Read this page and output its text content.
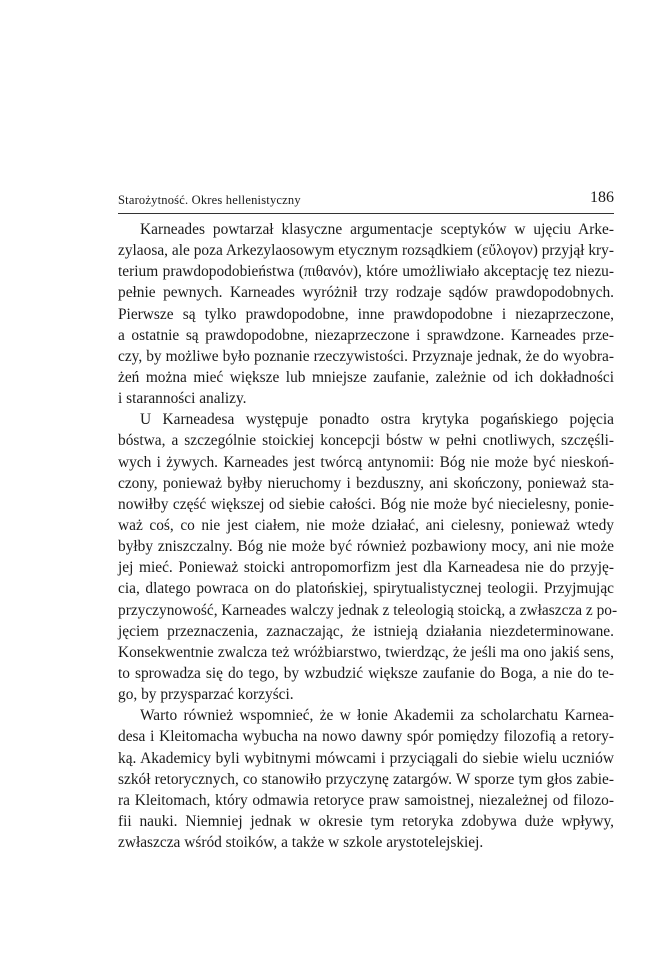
Starożytność. Okres hellenistyczny	186
Karneades powtarzał klasyczne argumentacje sceptyków w ujęciu Arke-
zylaosa, ale poza Arkezylaosowym etycznym rozsądkiem (εὔλογον) przyjął kry-
terium prawdopodobieństwa (πιθανόν), które umożliwiało akceptację tez niezu-
pełnie pewnych. Karneades wyróżnił trzy rodzaje sądów prawdopodobnych.
Pierwsze są tylko prawdopodobne, inne prawdopodobne i niezaprzeczone,
a ostatnie są prawdopodobne, niezaprzeczone i sprawdzone. Karneades prze-
czy, by możliwe było poznanie rzeczywistości. Przyznaje jednak, że do wyobra-
żeń można mieć większe lub mniejsze zaufanie, zależnie od ich dokładności
i staranności analizy.
U Karneadesa występuje ponadto ostra krytyka pogańskiego pojęcia
bóstwa, a szczególnie stoickiej koncepcji bóstw w pełni cnotliwych, szczęśli-
wych i żywych. Karneades jest twórcą antynomii: Bóg nie może być nieskoń-
czony, ponieważ byłby nieruchomy i bezduszny, ani skończony, ponieważ sta-
nowiłby część większej od siebie całości. Bóg nie może być niecielesny, ponie-
waż coś, co nie jest ciałem, nie może działać, ani cielesny, ponieważ wtedy
byłby zniszczalny. Bóg nie może być również pozbawiony mocy, ani nie może
jej mieć. Ponieważ stoicki antropomorfizm jest dla Karneadesa nie do przyję-
cia, dlatego powraca on do platońskiej, spirytualistycznej teologii. Przyjmując
przyczynowość, Karneades walczy jednak z teleologią stoicką, a zwłaszcza z po-
jęciem przeznaczenia, zaznaczając, że istnieją działania niezdeterminowane.
Konsekwentnie zwalcza też wróżbiarstwo, twierdząc, że jeśli ma ono jakiś sens,
to sprowadza się do tego, by wzbudzić większe zaufanie do Boga, a nie do te-
go, by przysparzać korzyści.
Warto również wspomnieć, że w łonie Akademii za scholarchatu Karnea-
desa i Kleitomacha wybucha na nowo dawny spór pomiędzy filozofią a retory-
ką. Akademicy byli wybitnymi mówcami i przyciągali do siebie wielu uczniów
szkół retorycznych, co stanowiło przyczynę zatargów. W sporze tym głos zabie-
ra Kleitomach, który odmawia retoryce praw samoistnej, niezależnej od filozo-
fii nauki. Niemniej jednak w okresie tym retoryka zdobywa duże wpływy,
zwłaszcza wśród stoików, a także w szkole arystotelejskiej.
